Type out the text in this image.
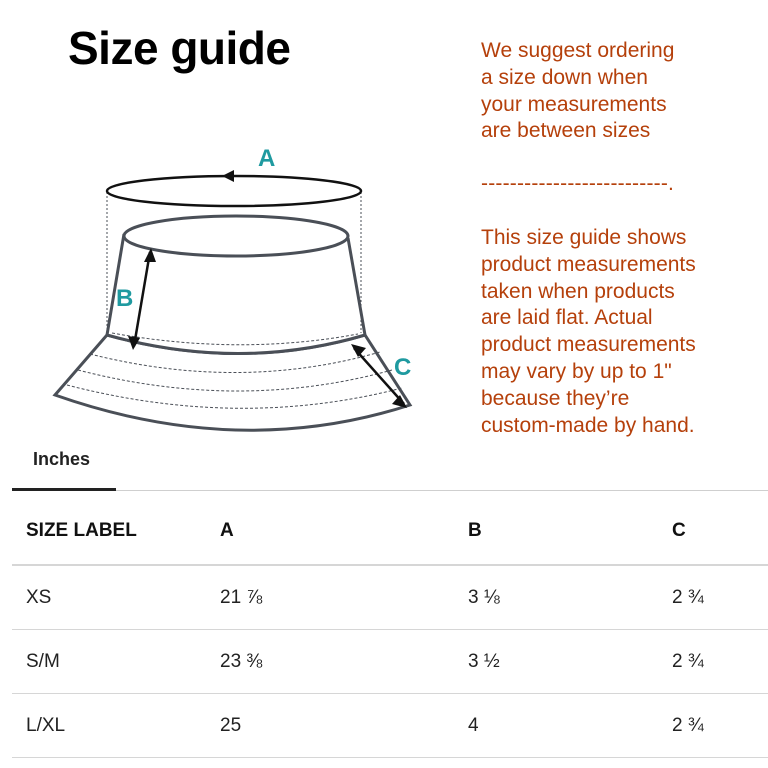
Size guide
A
B
C

We suggest ordering

a size down when

your measurements

are between sizes

--------------------------.

This size guide shows

product measurements

taken when products

are laid flat. Actual

product measurements

may vary by up to 1"

because they’re

custom-made by hand.

Inches
SIZE LABEL	A	B	C
XS	21 ⅞	3 ⅛	2 ¾
S/M	23 ⅜	3 ½	2 ¾
L/XL	25	4	2 ¾
